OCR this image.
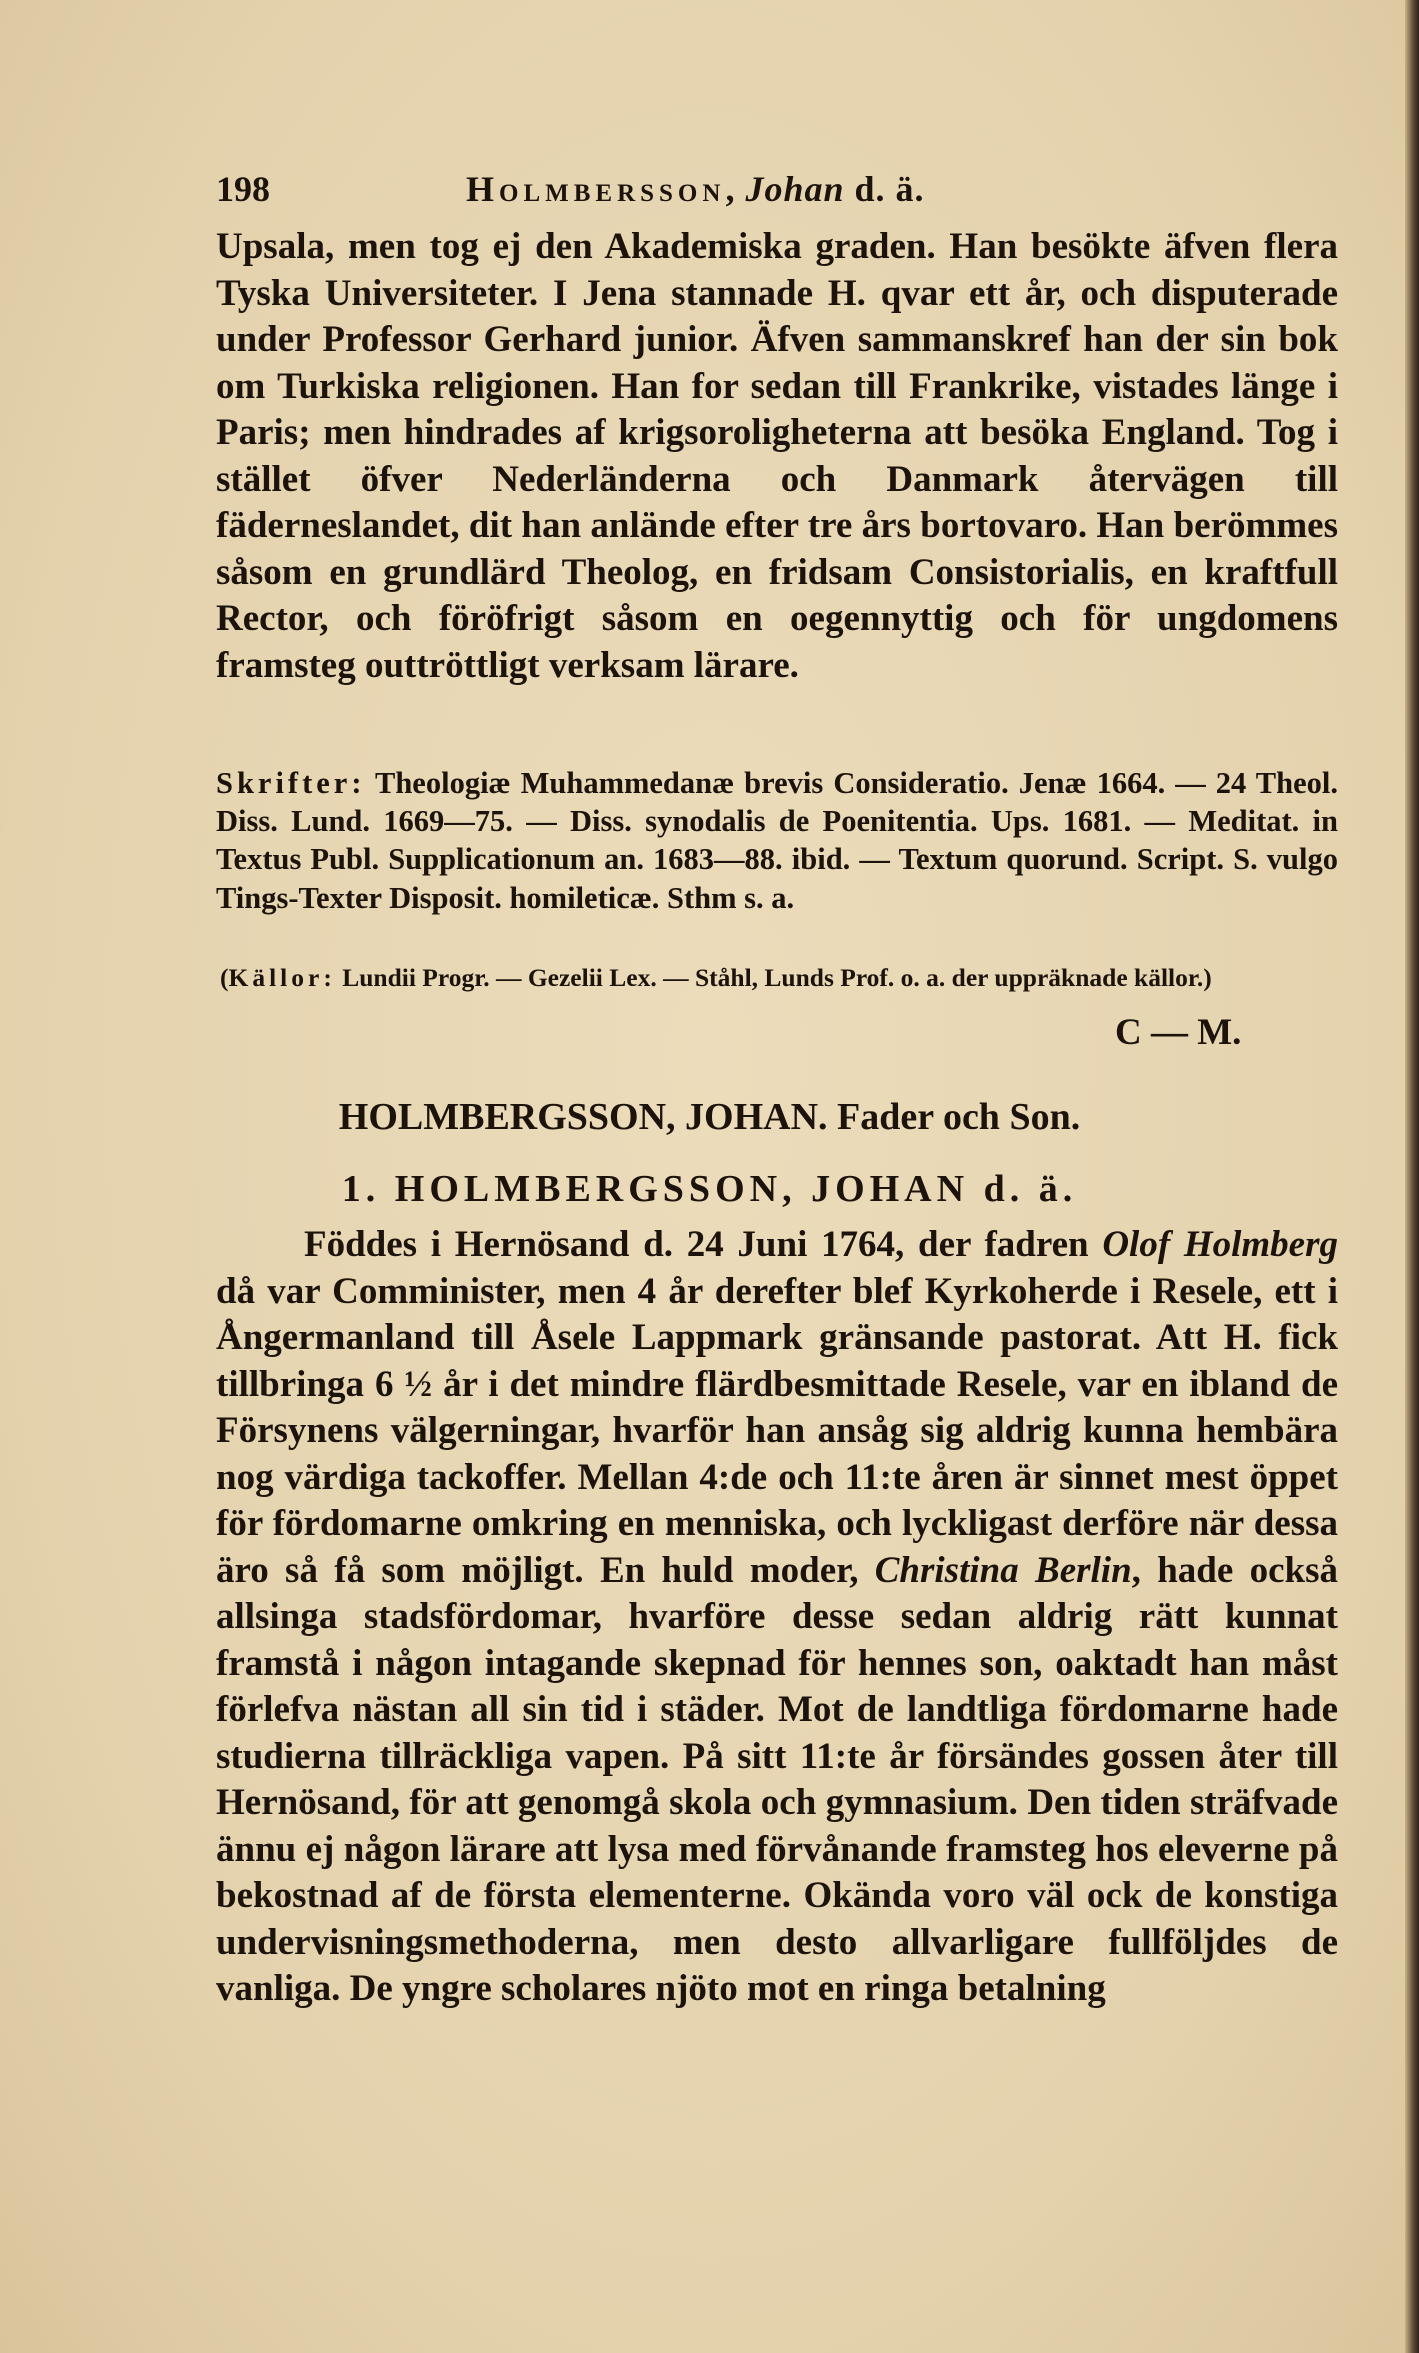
198	Holmbersson, Johan d. ä.

Upsala, men tog ej den Akademiska graden. Han besökte äfven flera Tyska Universiteter. I Jena stannade H. qvar ett år, och disputerade under Professor Gerhard junior. Äfven sammanskref han der sin bok om Turkiska religionen. Han for sedan till Frankrike, vistades länge i Paris; men hindrades af krigsoroligheterna att besöka England. Tog i stället öfver Nederländerna och Danmark återvägen till fäderneslandet, dit han anlände efter tre års bortovaro. Han berömmes såsom en grundlärd Theolog, en fridsam Consistorialis, en kraftfull Rector, och föröfrigt såsom en oegennyttig och för ungdomens framsteg outtröttligt verksam lärare.

Skrifter: Theologiæ Muhammedanæ brevis Consideratio. Jenæ 1664. — 24 Theol. Diss. Lund. 1669—75. — Diss. synodalis de Poenitentia. Ups. 1681. — Meditat. in Textus Publ. Supplicationum an. 1683—88. ibid. — Textum quorund. Script. S. vulgo Tings-Texter Disposit. homileticæ. Sthm s. a.

(Källor: Lundii Progr. — Gezelii Lex. — Ståhl, Lunds Prof. o. a. der uppräknade källor.)

C — M.
HOLMBERGSSON, JOHAN. Fader och Son.
1. HOLMBERGSSON, JOHAN d. ä.

Föddes i Hernösand d. 24 Juni 1764, der fadren Olof Holmberg då var Comminister, men 4 år derefter blef Kyrkoherde i Resele, ett i Ångermanland till Åsele Lappmark gränsande pastorat. Att H. fick tillbringa 6 ½ år i det mindre flärdbesmittade Resele, var en ibland de Försynens välgerningar, hvarför han ansåg sig aldrig kunna hembära nog värdiga tackoffer. Mellan 4:de och 11:te åren är sinnet mest öppet för fördomarne omkring en menniska, och lyckligast derföre när dessa äro så få som möjligt. En huld moder, Christina Berlin, hade också allsinga stadsfördomar, hvarföre desse sedan aldrig rätt kunnat framstå i någon intagande skepnad för hennes son, oaktadt han måst förlefva nästan all sin tid i städer. Mot de landtliga fördomarne hade studierna tillräckliga vapen. På sitt 11:te år försändes gossen åter till Hernösand, för att genomgå skola och gymnasium. Den tiden sträfvade ännu ej någon lärare att lysa med förvånande framsteg hos eleverne på bekostnad af de första elementerne. Okända voro väl ock de konstiga undervisningsmethoderna, men desto allvarligare fullföljdes de vanliga. De yngre scholares njöto mot en ringa betalning
